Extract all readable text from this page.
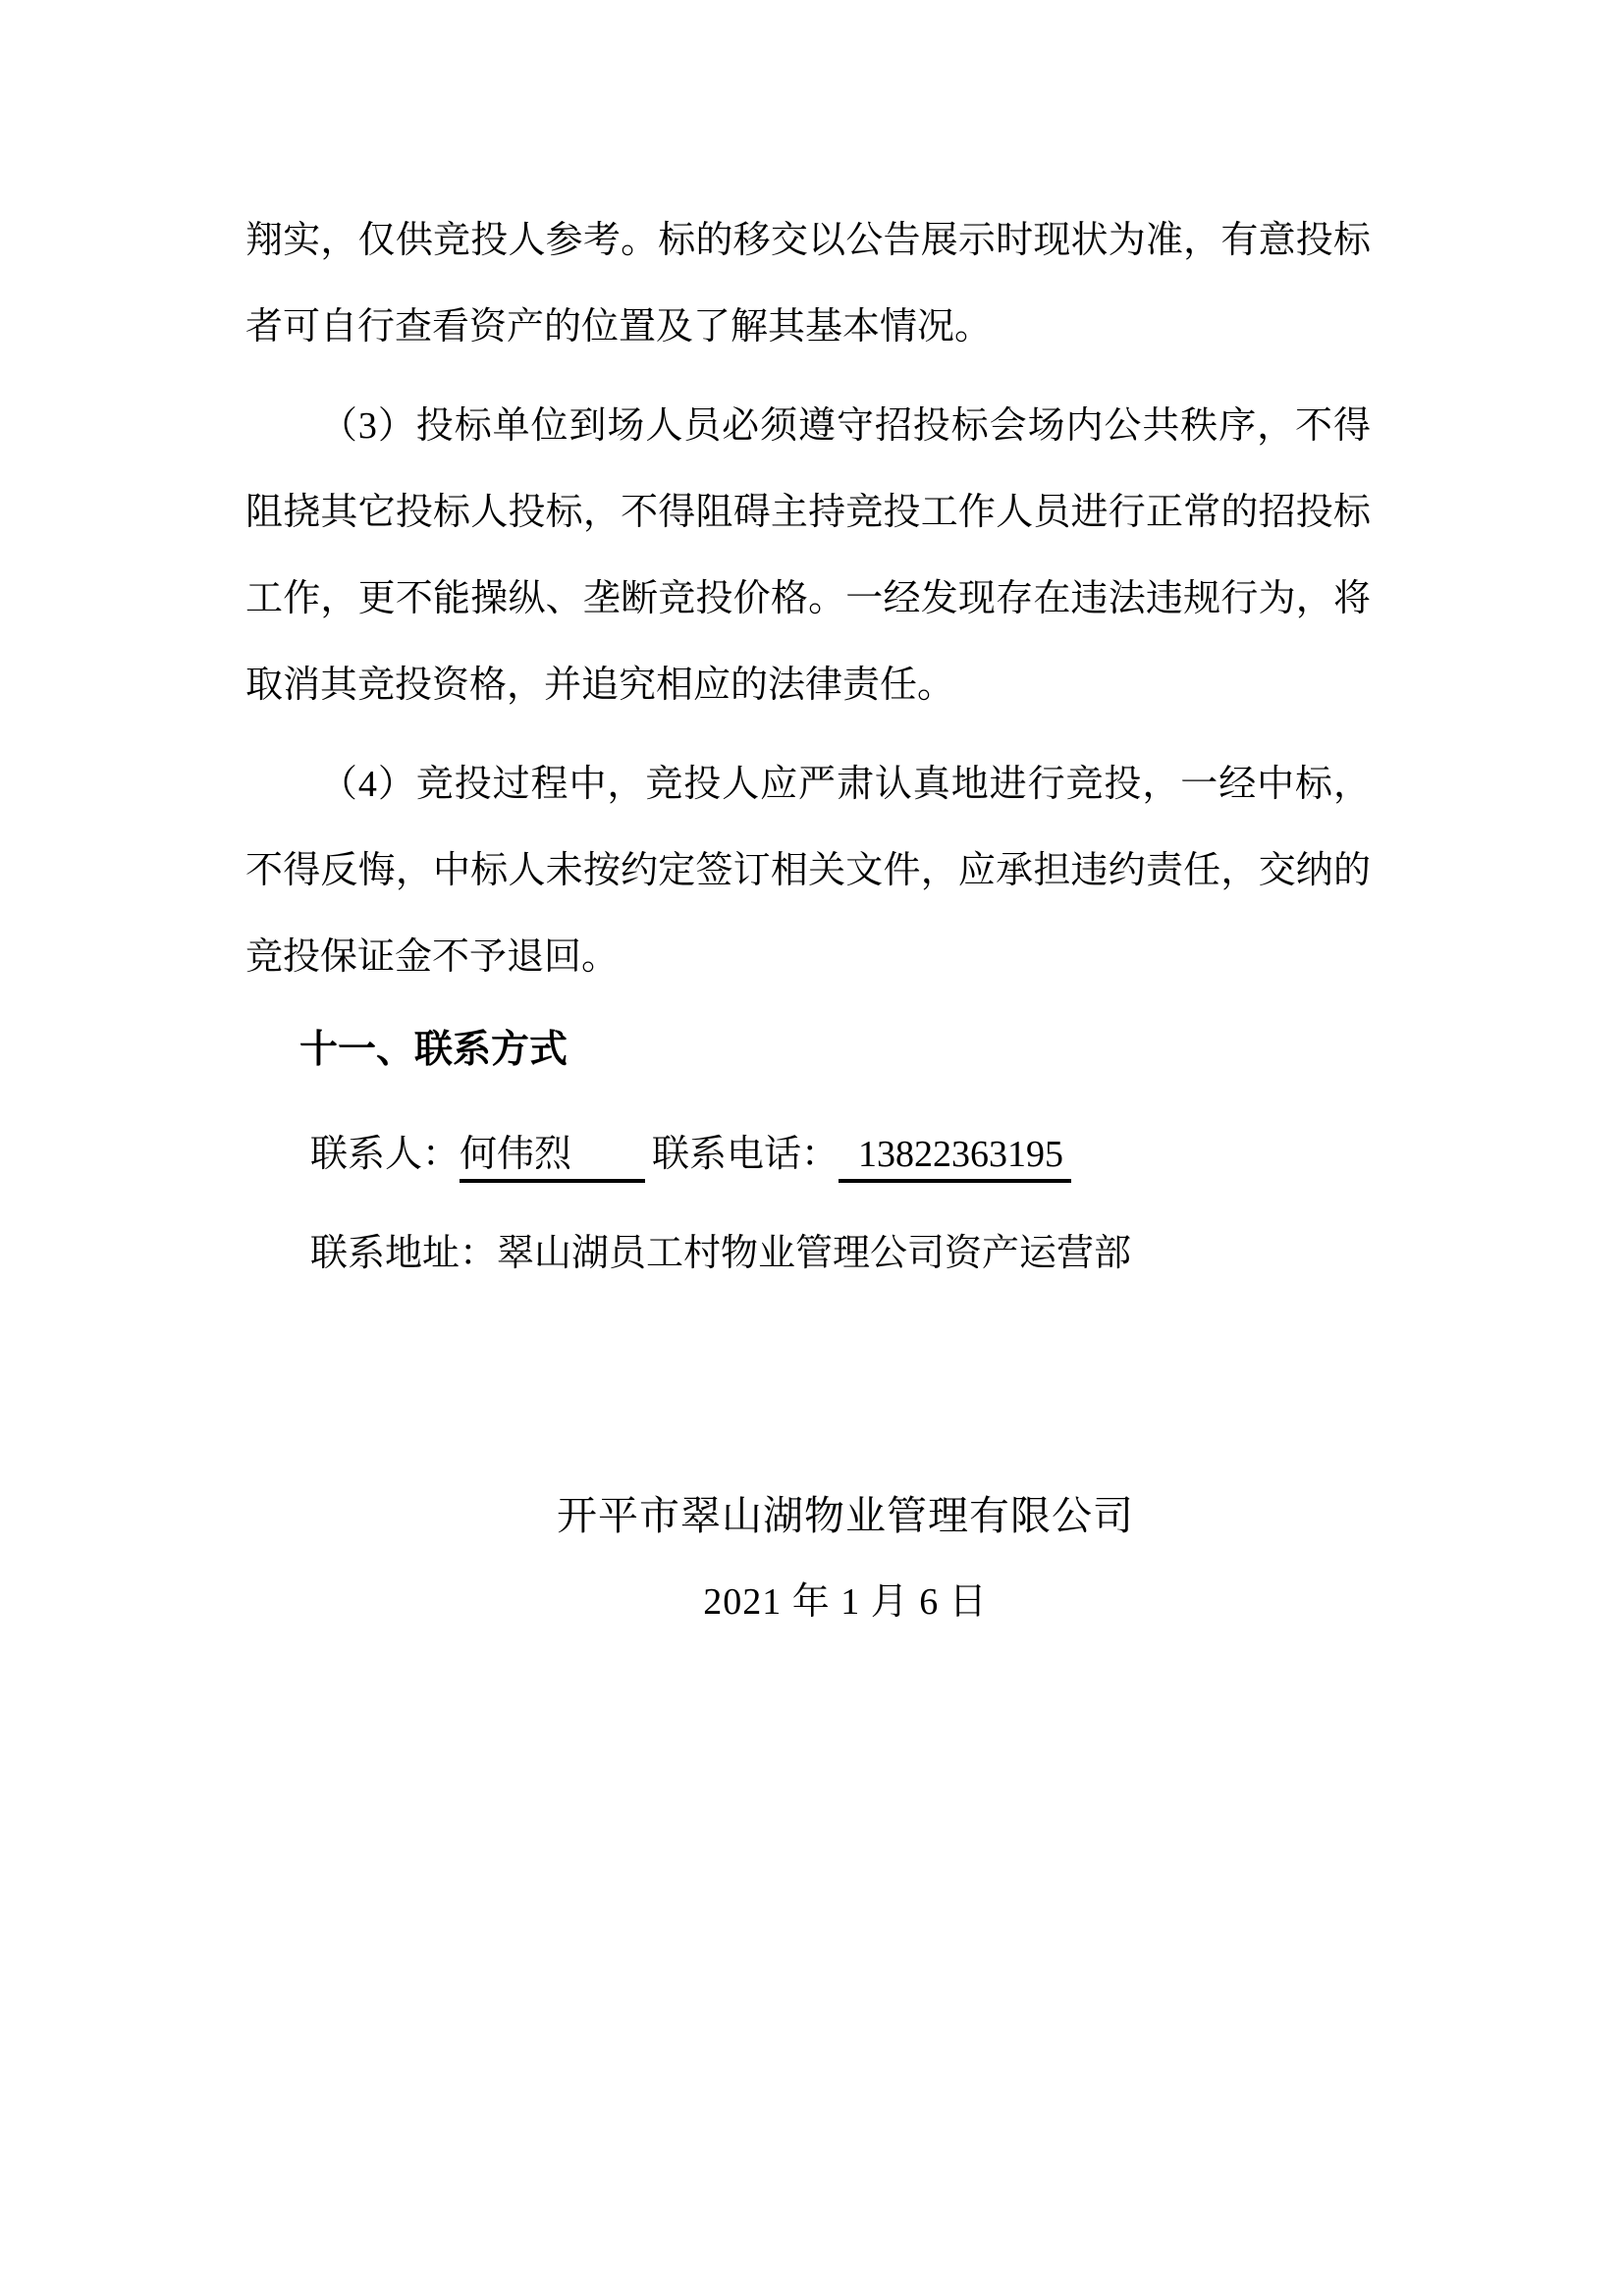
翔实，仅供竞投人参考。标的移交以公告展示时现状为准，有意投标者可自行查看资产的位置及了解其基本情况。

（3）投标单位到场人员必须遵守招投标会场内公共秩序，不得阻挠其它投标人投标，不得阻碍主持竞投工作人员进行正常的招投标工作，更不能操纵、垄断竞投价格。一经发现存在违法违规行为，将取消其竞投资格，并追究相应的法律责任。

（4）竞投过程中，竞投人应严肃认真地进行竞投，一经中标，不得反悔，中标人未按约定签订相关文件，应承担违约责任，交纳的竞投保证金不予退回。

十一、联系方式

联系人：何伟烈 联系电话： 13822363195

联系地址：翠山湖员工村物业管理公司资产运营部

开平市翠山湖物业管理有限公司

2021 年 1 月 6 日
